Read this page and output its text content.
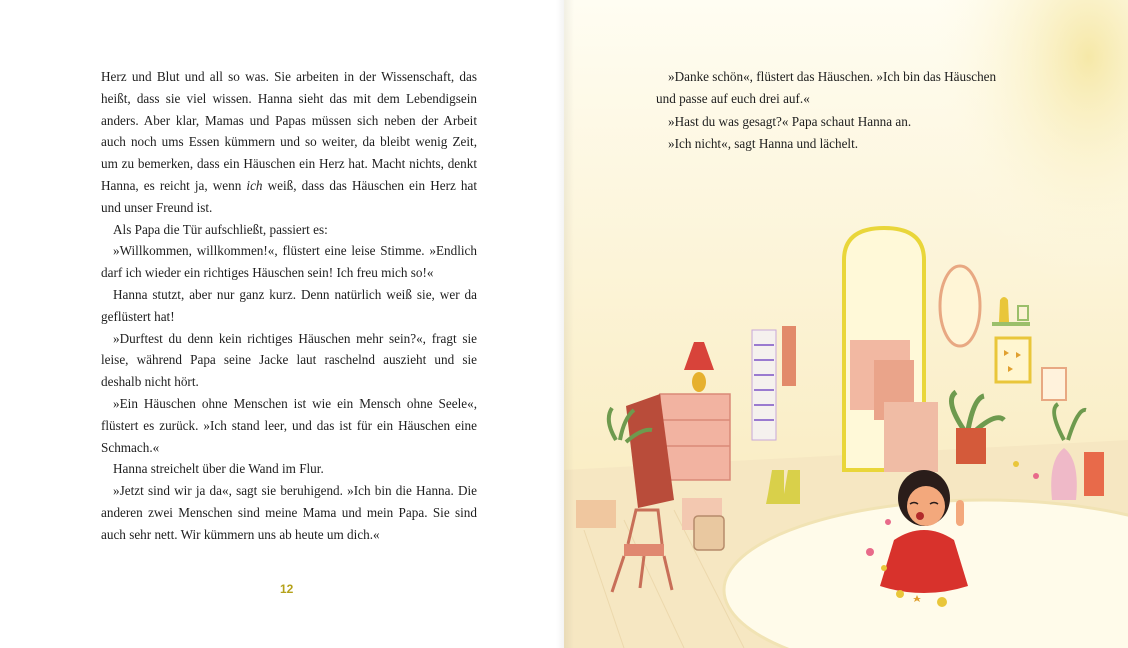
Herz und Blut und all so was. Sie arbeiten in der Wissenschaft, das heißt, dass sie viel wissen. Hanna sieht das mit dem Lebendigsein anders. Aber klar, Mamas und Papas müssen sich neben der Arbeit auch noch ums Essen kümmern und so weiter, da bleibt wenig Zeit, um zu bemerken, dass ein Häuschen ein Herz hat. Macht nichts, denkt Hanna, es reicht ja, wenn ich weiß, dass das Häuschen ein Herz hat und unser Freund ist.

Als Papa die Tür aufschließt, passiert es:

»Willkommen, willkommen!«, flüstert eine leise Stimme. »Endlich darf ich wieder ein richtiges Häuschen sein! Ich freu mich so!«

Hanna stutzt, aber nur ganz kurz. Denn natürlich weiß sie, wer da geflüstert hat!

»Durftest du denn kein richtiges Häuschen mehr sein?«, fragt sie leise, während Papa seine Jacke laut raschelnd auszieht und sie deshalb nicht hört.

»Ein Häuschen ohne Menschen ist wie ein Mensch ohne Seele«, flüstert es zurück. »Ich stand leer, und das ist für ein Häuschen eine Schmach.«

Hanna streichelt über die Wand im Flur.

»Jetzt sind wir ja da«, sagt sie beruhigend. »Ich bin die Hanna. Die anderen zwei Menschen sind meine Mama und mein Papa. Sie sind auch sehr nett. Wir kümmern uns ab heute um dich.«

12

»Danke schön«, flüstert das Häuschen. »Ich bin das Häuschen und passe auf euch drei auf.«

»Hast du was gesagt?« Papa schaut Hanna an.

»Ich nicht«, sagt Hanna und lächelt.
